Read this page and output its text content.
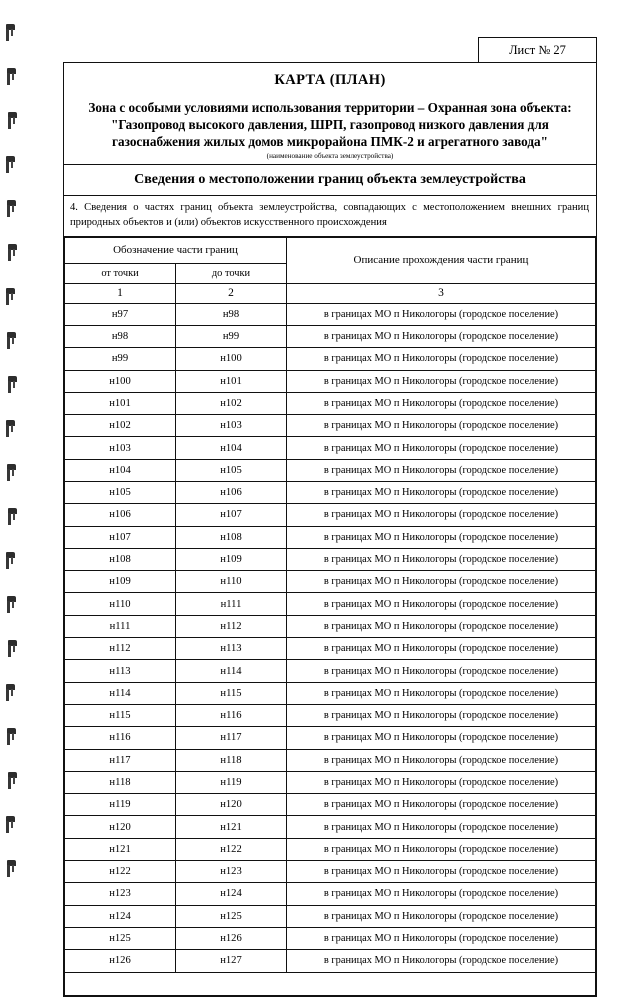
Лист № 27
КАРТА (ПЛАН)
Зона с особыми условиями использования территории – Охранная зона объекта:
"Газопровод высокого давления, ШРП, газопровод низкого давления для
газоснабжения жилых домов микрорайона ПМК-2 и агрегатного завода"
(наименование объекта землеустройства)
Сведения о местоположении границ объекта землеустройства

4. Сведения о частях границ объекта землеустройства, совпадающих с местоположением внешних границ природных объектов и (или) объектов искусственного происхождения

Обозначение части границ		Описание прохождения части границ
от точки	до точки	
1	2	3
н97	н98	в границах МО п Никологоры (городское поселение)
н98	н99	в границах МО п Никологоры (городское поселение)
н99	н100	в границах МО п Никологоры (городское поселение)
н100	н101	в границах МО п Никологоры (городское поселение)
н101	н102	в границах МО п Никологоры (городское поселение)
н102	н103	в границах МО п Никологоры (городское поселение)
н103	н104	в границах МО п Никологоры (городское поселение)
н104	н105	в границах МО п Никологоры (городское поселение)
н105	н106	в границах МО п Никологоры (городское поселение)
н106	н107	в границах МО п Никологоры (городское поселение)
н107	н108	в границах МО п Никологоры (городское поселение)
н108	н109	в границах МО п Никологоры (городское поселение)
н109	н110	в границах МО п Никологоры (городское поселение)
н110	н111	в границах МО п Никологоры (городское поселение)
н111	н112	в границах МО п Никологоры (городское поселение)
н112	н113	в границах МО п Никологоры (городское поселение)
н113	н114	в границах МО п Никологоры (городское поселение)
н114	н115	в границах МО п Никологоры (городское поселение)
н115	н116	в границах МО п Никологоры (городское поселение)
н116	н117	в границах МО п Никологоры (городское поселение)
н117	н118	в границах МО п Никологоры (городское поселение)
н118	н119	в границах МО п Никологоры (городское поселение)
н119	н120	в границах МО п Никологоры (городское поселение)
н120	н121	в границах МО п Никологоры (городское поселение)
н121	н122	в границах МО п Никологоры (городское поселение)
н122	н123	в границах МО п Никологоры (городское поселение)
н123	н124	в границах МО п Никологоры (городское поселение)
н124	н125	в границах МО п Никологоры (городское поселение)
н125	н126	в границах МО п Никологоры (городское поселение)
н126	н127	в границах МО п Никологоры (городское поселение)
